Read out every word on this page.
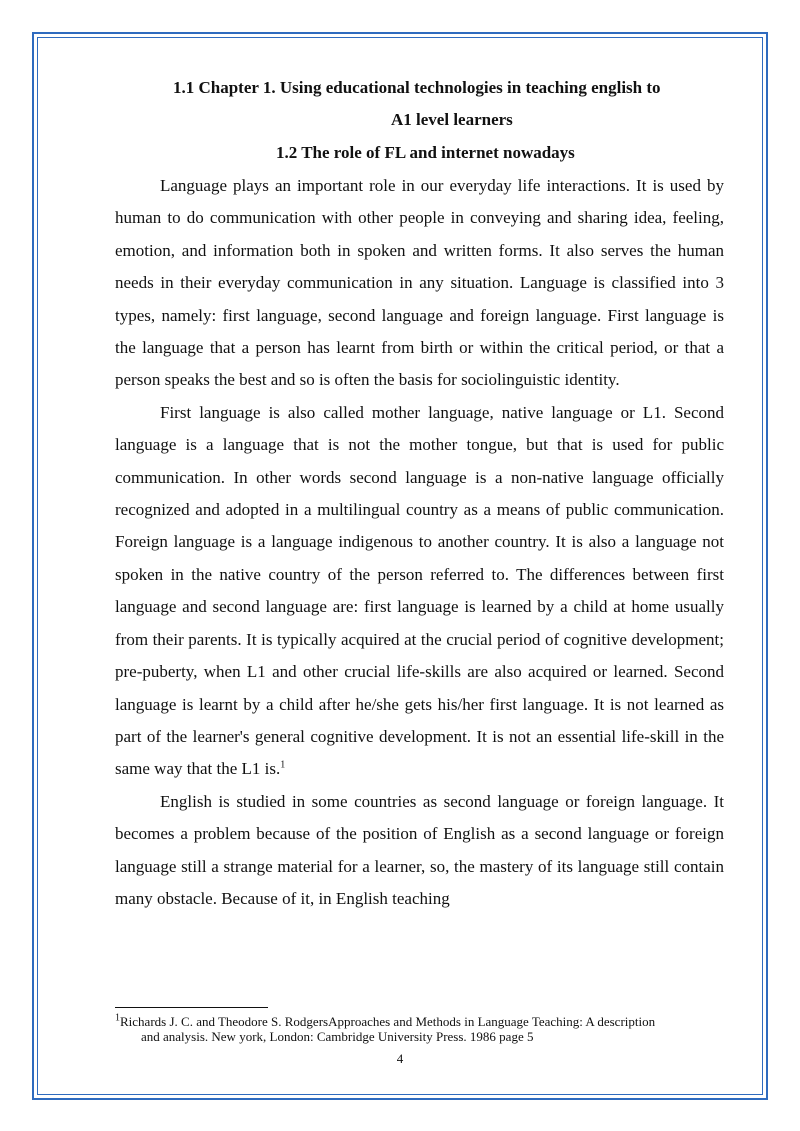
1.1 Chapter 1. Using educational technologies in teaching english to
A1 level learners
1.2 The role of FL and internet nowadays

Language plays an important role in our everyday life interactions. It is used by human to do communication with other people in conveying and sharing idea, feeling, emotion, and information both in spoken and written forms. It also serves the human needs in their everyday communication in any situation. Language is classified into 3 types, namely: first language, second language and foreign language. First language is the language that a person has learnt from birth or within the critical period, or that a person speaks the best and so is often the basis for sociolinguistic identity.

First language is also called mother language, native language or L1. Second language is a language that is not the mother tongue, but that is used for public communication. In other words second language is a non-native language officially recognized and adopted in a multilingual country as a means of public communication. Foreign language is a language indigenous to another country. It is also a language not spoken in the native country of the person referred to. The differences between first language and second language are: first language is learned by a child at home usually from their parents. It is typically acquired at the crucial period of cognitive development; pre-puberty, when L1 and other crucial life-skills are also acquired or learned. Second language is learnt by a child after he/she gets his/her first language. It is not learned as part of the learner's general cognitive development. It is not an essential life-skill in the same way that the L1 is.$^1$

English is studied in some countries as second language or foreign language. It becomes a problem because of the position of English as a second language or foreign language still a strange material for a learner, so, the mastery of its language still contain many obstacle. Because of it, in English teaching

$^1$Richards J. C. and Theodore S. RodgersApproaches and Methods in Language Teaching: A description
and analysis. New york, London: Cambridge University Press. 1986 page 5
4
